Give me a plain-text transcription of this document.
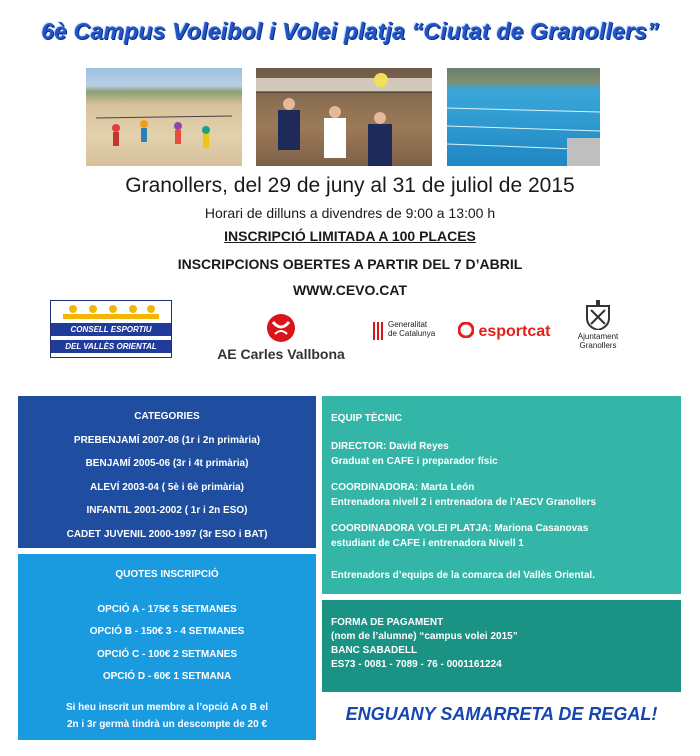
6è Campus Voleibol i Volei platja “Ciutat de Granollers”
Granollers, del 29 de juny al 31 de juliol de 2015
Horari de dilluns a divendres de 9:00 a 13:00 h
INSCRIPCIÓ LIMITADA A 100 PLACES
INSCRIPCIONS OBERTES A PARTIR DEL 7 D’ABRIL
WWW.CEVO.CAT
CONSELL ESPORTIU
DEL VALLÈS ORIENTAL	AE Carles Vallbona
Generalitat
de Catalunya	esportcat	Ajuntament
Granollers
CATEGORIES
PREBENJAMÍ 2007-08 (1r i 2n primària)
BENJAMÍ 2005-06 (3r i 4t primària)
ALEVÍ 2003-04 ( 5è i 6è primària)
INFANTIL 2001-2002 ( 1r i 2n ESO)
CADET JUVENIL 2000-1997 (3r ESO i BAT)
QUOTES INSCRIPCIÓ
OPCIÓ A - 175€ 5 SETMANES
OPCIÓ B - 150€ 3 - 4 SETMANES
OPCIÓ C - 100€ 2 SETMANES
OPCIÓ D - 60€ 1 SETMANA
Si heu inscrit un membre a l’opció A o B el
2n i 3r germà tindrà un descompte de 20 €

EQUIP TÈCNIC

DIRECTOR: David Reyes
Graduat en CAFE i preparador físic

COORDINADORA: Marta León
Entrenadora nivell 2 i entrenadora de l’AECV Granollers

COORDINADORA VOLEI PLATJA: Mariona Casanovas
estudiant de CAFE i entrenadora Nivell 1

Entrenadors d’equips de la comarca del Vallès Oriental.

FORMA DE PAGAMENT
(nom de l’alumne) “campus volei 2015”
BANC SABADELL
ES73 - 0081 - 7089 - 76 - 0001161224
ENGUANY SAMARRETA DE REGAL!
